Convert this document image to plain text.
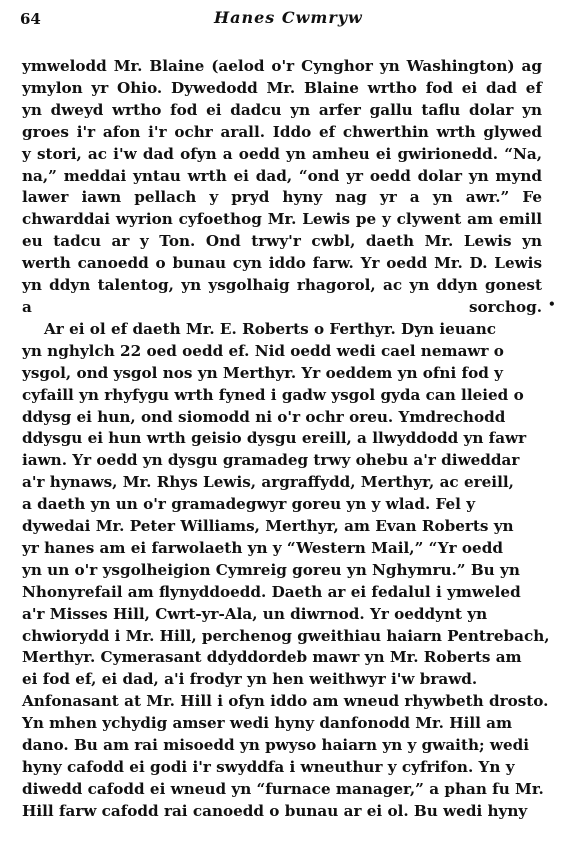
64	Hanes Cwmryw
ymwelodd Mr. Blaine (aelod o'r Cynghor yn Washington) ag
ymylon yr Ohio. Dywedodd Mr. Blaine wrtho fod ei dad ef
yn dweyd wrtho fod ei dadcu yn arfer gallu taflu dolar yn
groes i'r afon i'r ochr arall. Iddo ef chwerthin wrth glywed
y stori, ac i'w dad ofyn a oedd yn amheu ei gwirionedd. “Na,
na,” meddai yntau wrth ei dad, “ond yr oedd dolar yn mynd
lawer iawn pellach y pryd hyny nag yr a yn awr.” Fe
chwarddai wyrion cyfoethog Mr. Lewis pe y clywent am emill
eu tadcu ar y Ton. Ond trwy'r cwbl, daeth Mr. Lewis yn
werth canoedd o bunau cyn iddo farw. Yr oedd Mr. D. Lewis
yn ddyn talentog, yn ysgolhaig rhagorol, ac yn ddyn gonest
a sorchog.
Ar ei ol ef daeth Mr. E. Roberts o Ferthyr. Dyn ieuanc
yn nghylch 22 oed oedd ef. Nid oedd wedi cael nemawr o
ysgol, ond ysgol nos yn Merthyr. Yr oeddem yn ofni fod y
cyfaill yn rhyfygu wrth fyned i gadw ysgol gyda can lleied o
ddysg ei hun, ond siomodd ni o'r ochr oreu. Ymdrechodd
ddysgu ei hun wrth geisio dysgu ereill, a llwyddodd yn fawr
iawn. Yr oedd yn dysgu gramadeg trwy ohebu a'r diweddar
a'r hynaws, Mr. Rhys Lewis, argraffydd, Merthyr, ac ereill,
a daeth yn un o'r gramadegwyr goreu yn y wlad. Fel y
dywedai Mr. Peter Williams, Merthyr, am Evan Roberts yn
yr hanes am ei farwolaeth yn y “Western Mail,” “Yr oedd
yn un o'r ysgolheigion Cymreig goreu yn Nghymru.” Bu yn
Nhonyrefail am flynyddoedd. Daeth ar ei fedalul i ymweled
a'r Misses Hill, Cwrt-yr-Ala, un diwrnod. Yr oeddynt yn
chwiorydd i Mr. Hill, perchenog gweithiau haiarn Pentrebach,
Merthyr. Cymerasant ddyddordeb mawr yn Mr. Roberts am
ei fod ef, ei dad, a'i frodyr yn hen weithwyr i'w brawd.
Anfonasant at Mr. Hill i ofyn iddo am wneud rhywbeth drosto.
Yn mhen ychydig amser wedi hyny danfonodd Mr. Hill am
dano. Bu am rai misoedd yn pwyso haiarn yn y gwaith; wedi
hyny cafodd ei godi i'r swyddfa i wneuthur y cyfrifon. Yn y
diwedd cafodd ei wneud yn “furnace manager,” a phan fu Mr.
Hill farw cafodd rai canoedd o bunau ar ei ol. Bu wedi hyny
•
